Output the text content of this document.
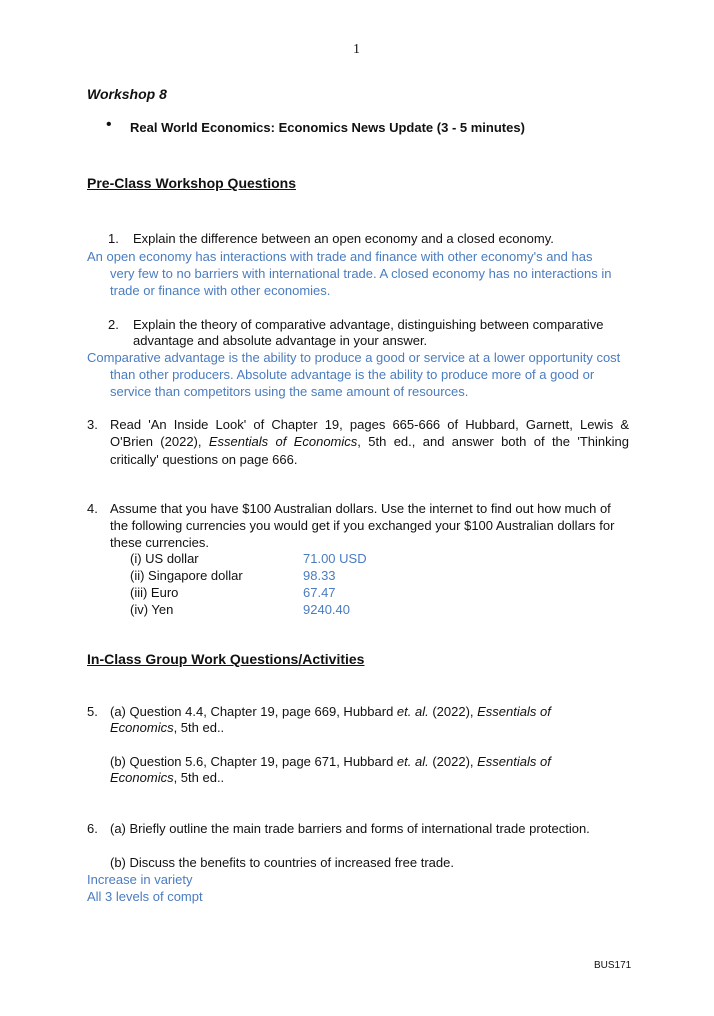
1
Workshop 8
• Real World Economics: Economics News Update (3 - 5 minutes)
Pre-Class Workshop Questions
1. Explain the difference between an open economy and a closed economy.
An open economy has interactions with trade and finance with other economy's and has
very few to no barriers with international trade. A closed economy has no interactions in
trade or finance with other economies.
2. Explain the theory of comparative advantage, distinguishing between comparative
advantage and absolute advantage in your answer.
Comparative advantage is the ability to produce a good or service at a lower opportunity cost
than other producers. Absolute advantage is the ability to produce more of a good or
service than competitors using the same amount of resources.
3. Read 'An Inside Look' of Chapter 19, pages 665-666 of Hubbard, Garnett, Lewis &
O'Brien (2022), Essentials of Economics, 5th ed., and answer both of the 'Thinking
critically' questions on page 666.
4. Assume that you have $100 Australian dollars. Use the internet to find out how much of
the following currencies you would get if you exchanged your $100 Australian dollars for
these currencies.
(i) US dollar	71.00 USD
(ii) Singapore dollar	98.33
(iii) Euro	67.47
(iv) Yen	9240.40
In-Class Group Work Questions/Activities
5. (a) Question 4.4, Chapter 19, page 669, Hubbard et. al. (2022), Essentials of
Economics, 5th ed..
(b) Question 5.6, Chapter 19, page 671, Hubbard et. al. (2022), Essentials of
Economics, 5th ed..
6. (a) Briefly outline the main trade barriers and forms of international trade protection.
(b) Discuss the benefits to countries of increased free trade.
Increase in variety
All 3 levels of compt
BUS171
